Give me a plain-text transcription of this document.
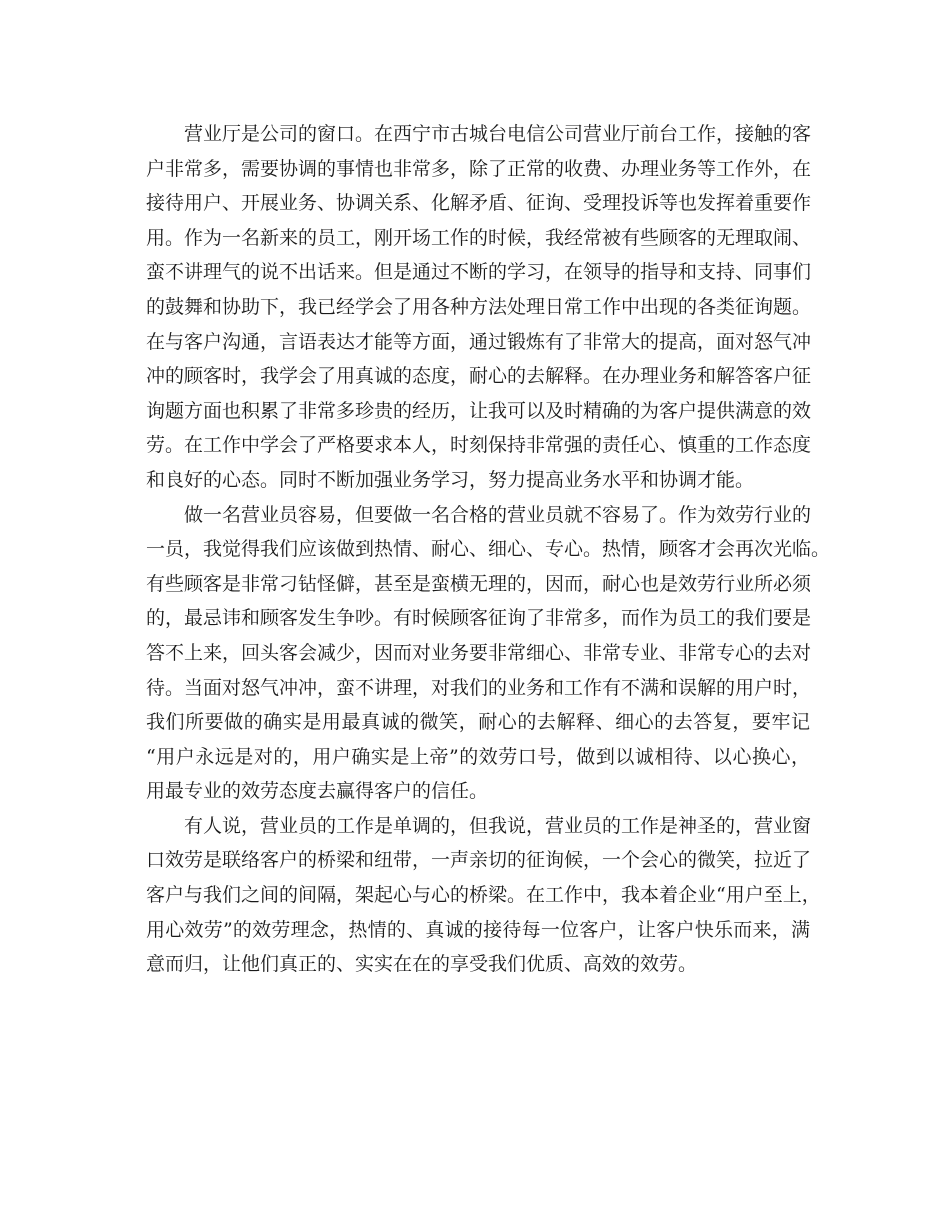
营业厅是公司的窗口。在西宁市古城台电信公司营业厅前台工作，接触的客
户非常多，需要协调的事情也非常多，除了正常的收费、办理业务等工作外，在
接待用户、开展业务、协调关系、化解矛盾、征询、受理投诉等也发挥着重要作
用。作为一名新来的员工，刚开场工作的时候，我经常被有些顾客的无理取闹、
蛮不讲理气的说不出话来。但是通过不断的学习，在领导的指导和支持、同事们
的鼓舞和协助下，我已经学会了用各种方法处理日常工作中出现的各类征询题。
在与客户沟通，言语表达才能等方面，通过锻炼有了非常大的提高，面对怒气冲
冲的顾客时，我学会了用真诚的态度，耐心的去解释。在办理业务和解答客户征
询题方面也积累了非常多珍贵的经历，让我可以及时精确的为客户提供满意的效
劳。在工作中学会了严格要求本人，时刻保持非常强的责任心、慎重的工作态度
和良好的心态。同时不断加强业务学习，努力提高业务水平和协调才能。
做一名营业员容易，但要做一名合格的营业员就不容易了。作为效劳行业的
一员，我觉得我们应该做到热情、耐心、细心、专心。热情，顾客才会再次光临。
有些顾客是非常刁钻怪僻，甚至是蛮横无理的，因而，耐心也是效劳行业所必须
的，最忌讳和顾客发生争吵。有时候顾客征询了非常多，而作为员工的我们要是
答不上来，回头客会减少，因而对业务要非常细心、非常专业、非常专心的去对
待。当面对怒气冲冲，蛮不讲理，对我们的业务和工作有不满和误解的用户时，
我们所要做的确实是用最真诚的微笑，耐心的去解释、细心的去答复，要牢记
“用户永远是对的，用户确实是上帝”的效劳口号，做到以诚相待、以心换心，
用最专业的效劳态度去赢得客户的信任。
有人说，营业员的工作是单调的，但我说，营业员的工作是神圣的，营业窗
口效劳是联络客户的桥梁和纽带，一声亲切的征询候，一个会心的微笑，拉近了
客户与我们之间的间隔，架起心与心的桥梁。在工作中，我本着企业“用户至上，
用心效劳”的效劳理念，热情的、真诚的接待每一位客户，让客户快乐而来，满
意而归，让他们真正的、实实在在的享受我们优质、高效的效劳。
